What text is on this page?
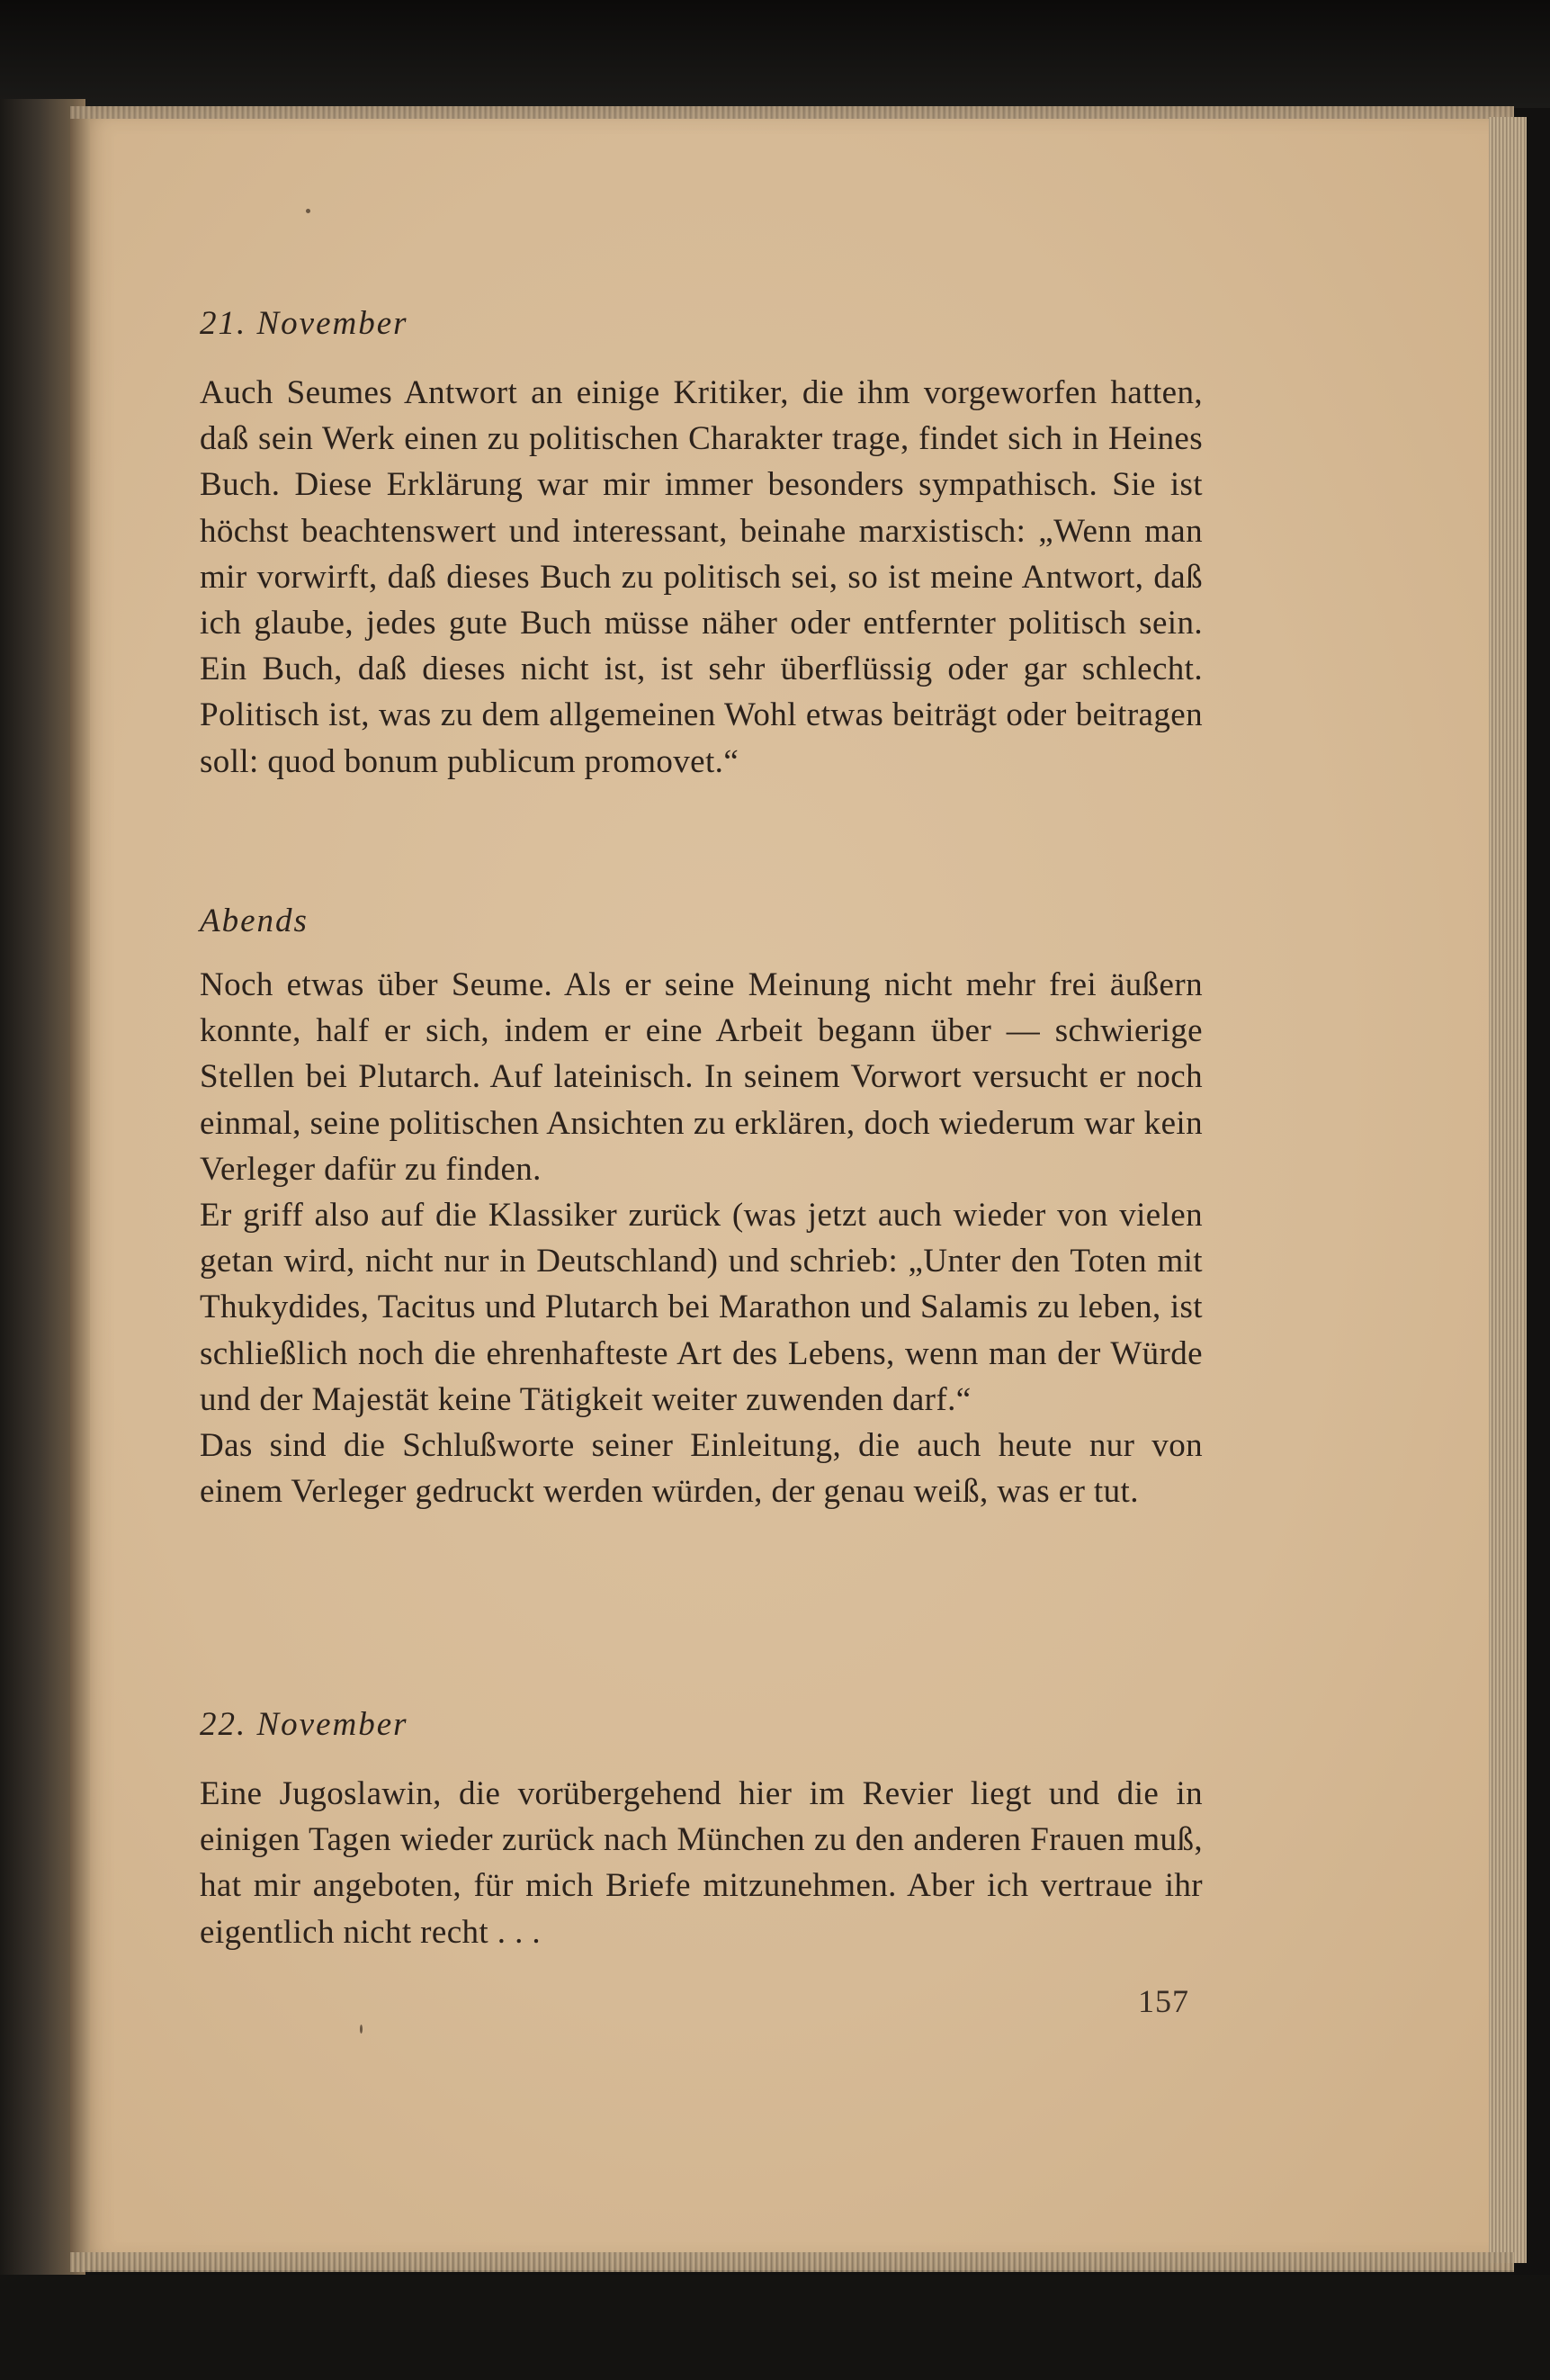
21. November

Auch Seumes Antwort an einige Kritiker, die ihm vorgeworfen hatten, daß sein Werk einen zu politischen Charakter trage, findet sich in Heines Buch. Diese Erklärung war mir immer besonders sympathisch. Sie ist höchst beachtenswert und interessant, beinahe marxistisch: „Wenn man mir vorwirft, daß dieses Buch zu politisch sei, so ist meine Antwort, daß ich glaube, jedes gute Buch müsse näher oder entfernter politisch sein. Ein Buch, daß dieses nicht ist, ist sehr überflüssig oder gar schlecht. Politisch ist, was zu dem allgemeinen Wohl etwas beiträgt oder beitragen soll: quod bonum publicum promovet.“

Abends

Noch etwas über Seume. Als er seine Meinung nicht mehr frei äußern konnte, half er sich, indem er eine Arbeit begann über — schwierige Stellen bei Plutarch. Auf lateinisch. In seinem Vorwort versucht er noch einmal, seine politischen Ansichten zu erklären, doch wiederum war kein Verleger dafür zu finden.

Er griff also auf die Klassiker zurück (was jetzt auch wieder von vielen getan wird, nicht nur in Deutschland) und schrieb: „Unter den Toten mit Thukydides, Tacitus und Plutarch bei Marathon und Salamis zu leben, ist schließlich noch die ehrenhafteste Art des Lebens, wenn man der Würde und der Majestät keine Tätigkeit weiter zuwenden darf.“

Das sind die Schlußworte seiner Einleitung, die auch heute nur von einem Verleger gedruckt werden würden, der genau weiß, was er tut.

22. November

Eine Jugoslawin, die vorübergehend hier im Revier liegt und die in einigen Tagen wieder zurück nach München zu den anderen Frauen muß, hat mir angeboten, für mich Briefe mitzunehmen. Aber ich vertraue ihr eigentlich nicht recht . . .

157
